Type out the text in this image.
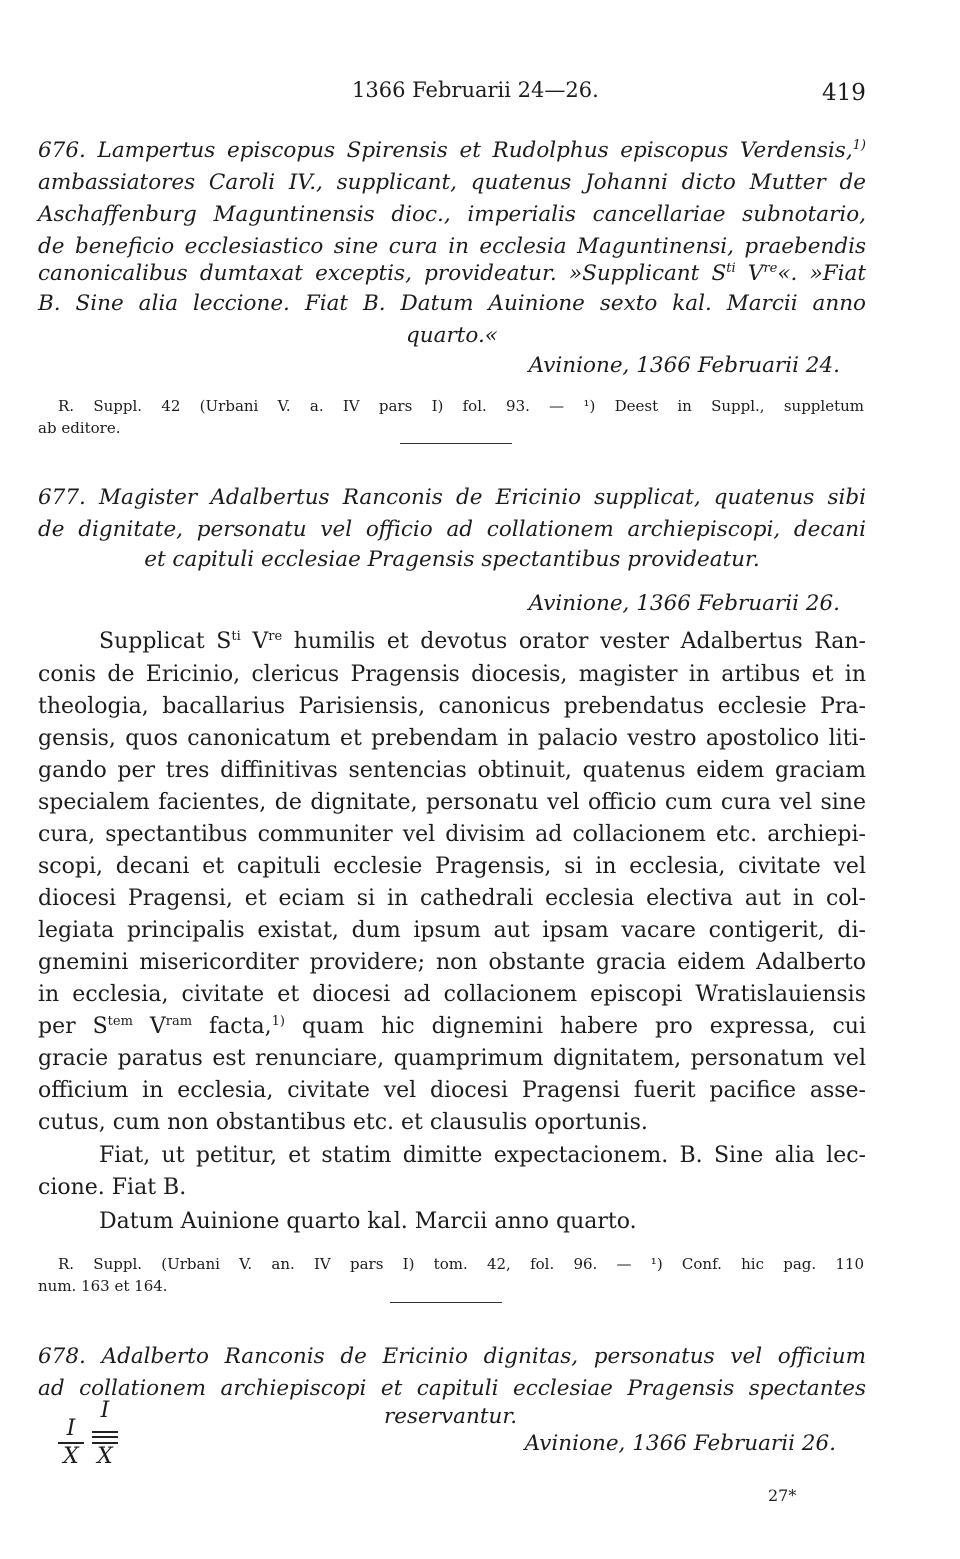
1366 Februarii 24—26.	419
676. Lampertus episcopus Spirensis et Rudolphus episcopus Verdensis,$^{1)}$
ambassiatores Caroli IV., supplicant, quatenus Johanni dicto Mutter de
Aschaffenburg Maguntinensis dioc., imperialis cancellariae subnotario,
de beneficio ecclesiastico sine cura in ecclesia Maguntinensi, praebendis
canonicalibus dumtaxat exceptis, provideatur. »Supplicant $S^{ti}$ Vre«. »Fiat
B. Sine alia leccione. Fiat B. Datum Auinione sexto kal. Marcii anno
quarto.«
Avinione, 1366 Februarii 24.
R. Suppl. 42 (Urbani V. a. IV pars I) fol. 93. — ¹) Deest in Suppl., suppletum
ab editore.
677. Magister Adalbertus Ranconis de Ericinio supplicat, quatenus sibi
de dignitate, personatu vel officio ad collationem archiepiscopi, decani
et capituli ecclesiae Pragensis spectantibus provideatur.
Avinione, 1366 Februarii 26.
Supplicat $S^{ti}$ Vre humilis et devotus orator vester Adalbertus Ran-
conis de Ericinio, clericus Pragensis diocesis, magister in artibus et in
theologia, bacallarius Parisiensis, canonicus prebendatus ecclesie Pra-
gensis, quos canonicatum et prebendam in palacio vestro apostolico liti-
gando per tres diffinitivas sentencias obtinuit, quatenus eidem graciam
specialem facientes, de dignitate, personatu vel officio cum cura vel sine
cura, spectantibus communiter vel divisim ad collacionem etc. archiepi-
scopi, decani et capituli ecclesie Pragensis, si in ecclesia, civitate vel
diocesi Pragensi, et eciam si in cathedrali ecclesia electiva aut in col-
legiata principalis existat, dum ipsum aut ipsam vacare contigerit, di-
gnemini misericorditer providere; non obstante gracia eidem Adalberto
in ecclesia, civitate et diocesi ad collacionem episcopi Wratislauiensis
per $S^{tem}$ $V^{ram}$ facta,$^{1)}$ quam hic dignemini habere pro expressa, cui
gracie paratus est renunciare, quamprimum dignitatem, personatum vel
officium in ecclesia, civitate vel diocesi Pragensi fuerit pacifice asse-
cutus, cum non obstantibus etc. et clausulis oportunis.
Fiat, ut petitur, et statim dimitte expectacionem. B. Sine alia lec-
cione. Fiat B.
Datum Auinione quarto kal. Marcii anno quarto.
R. Suppl. (Urbani V. an. IV pars I) tom. 42, fol. 96. — ¹) Conf. hic pag. 110
num. 163 et 164.
678. Adalberto Ranconis de Ericinio dignitas, personatus vel officium
ad collationem archiepiscopi et capituli ecclesiae Pragensis spectantes
reservantur.
I
X
I
X
Avinione, 1366 Februarii 26.
27*
